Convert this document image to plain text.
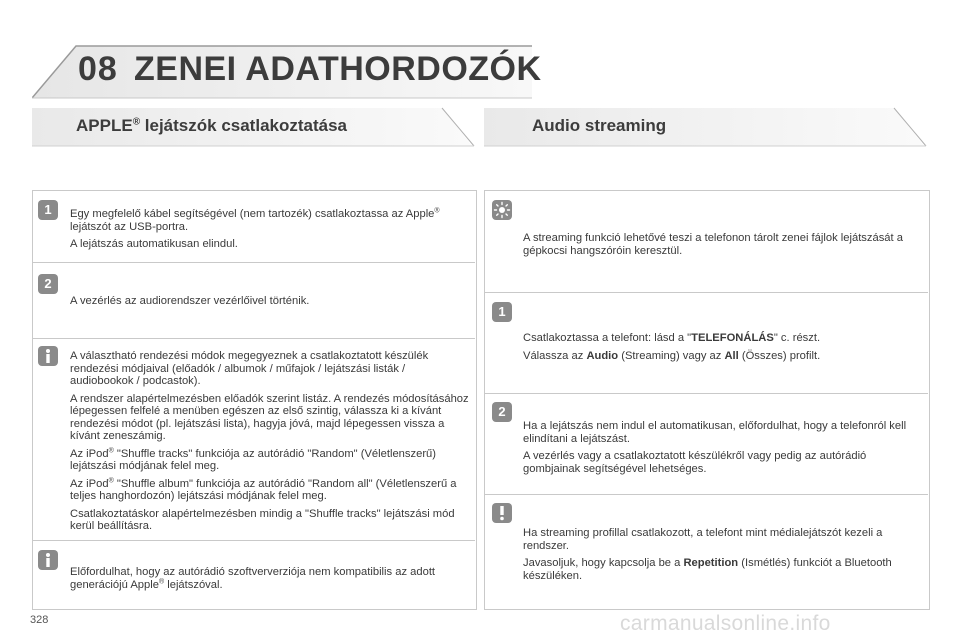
08 ZENEI ADATHORDOZÓK
APPLE® lejátszók csatlakoztatása	Audio streaming
1	Egy megfelelő kábel segítségével (nem tartozék) csatlakoztassa az Apple® lejátszót az USB-portra.

A lejátszás automatikusan elindul.

2

A vezérlés az audiorendszer vezérlőivel történik.

A választható rendezési módok megegyeznek a csatlakoztatott készülék rendezési módjaival (előadók / albumok / műfajok / lejátszási listák / audiobookok / podcastok).

A rendszer alapértelmezésben előadók szerint listáz. A rendezés módosításához lépegessen felfelé a menüben egészen az első szintig, válassza ki a kívánt rendezési módot (pl. lejátszási lista), hagyja jóvá, majd lépegessen vissza a kívánt zeneszámig.

Az iPod® "Shuffle tracks" funkciója az autórádió "Random" (Véletlenszerű) lejátszási módjának felel meg.

Az iPod® "Shuffle album" funkciója az autórádió "Random all" (Véletlenszerű a teljes hanghordozón) lejátszási módjának felel meg.

Csatlakoztatáskor alapértelmezésben mindig a "Shuffle tracks" lejátszási mód kerül beállításra.

Előfordulhat, hogy az autórádió szoftververziója nem kompatibilis az adott generációjú Apple® lejátszóval.

A streaming funkció lehetővé teszi a telefonon tárolt zenei fájlok lejátszását a gépkocsi hangszóróin keresztül.

1

Csatlakoztassa a telefont: lásd a "TELEFONÁLÁS" c. részt.

Válassza az Audio (Streaming) vagy az All (Összes) profilt.

2

Ha a lejátszás nem indul el automatikusan, előfordulhat, hogy a telefonról kell elindítani a lejátszást.

A vezérlés vagy a csatlakoztatott készülékről vagy pedig az autórádió gombjainak segítségével lehetséges.

Ha streaming profillal csatlakozott, a telefont mint médialejátszót kezeli a rendszer.

Javasoljuk, hogy kapcsolja be a Repetition (Ismétlés) funkciót a Bluetooth készüléken.

328	carmanualsonline.info
